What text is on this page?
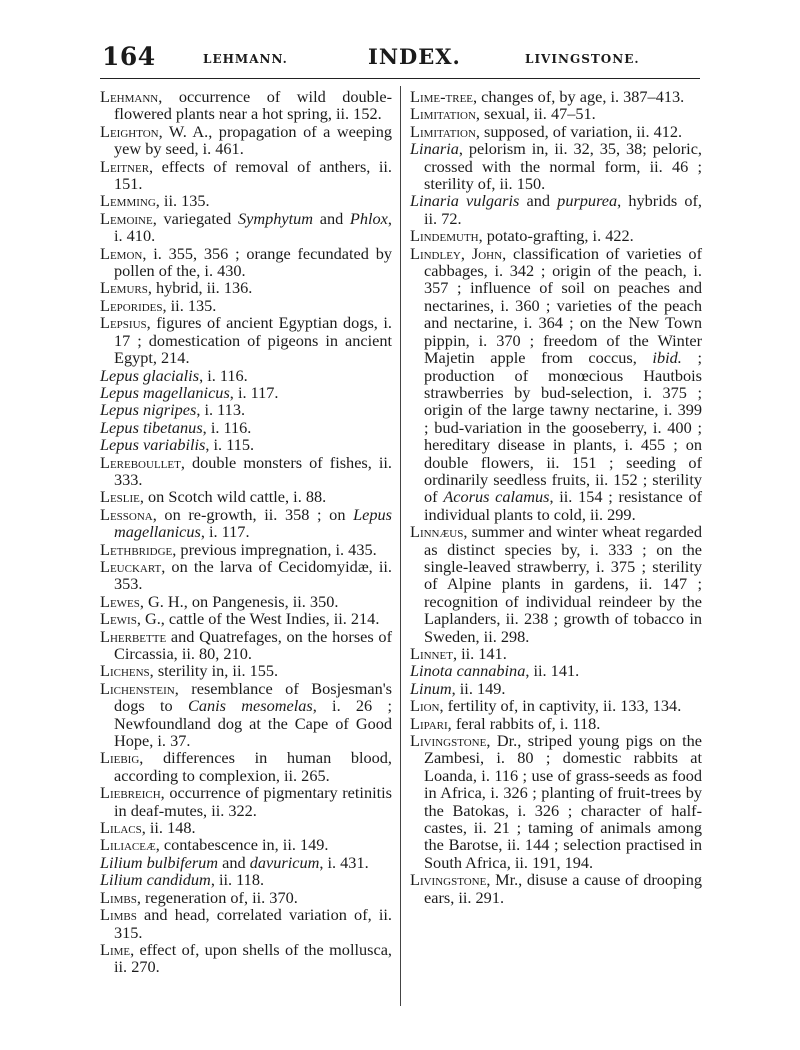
164	LEHMANN.	INDEX.	LIVINGSTONE.

Lehmann, occurrence of wild double-flowered plants near a hot spring, ii. 152.

Leighton, W. A., propagation of a weeping yew by seed, i. 461.

Leitner, effects of removal of anthers, ii. 151.

Lemming, ii. 135.

Lemoine, variegated Symphytum and Phlox, i. 410.

Lemon, i. 355, 356 ; orange fecundated by pollen of the, i. 430.

Lemurs, hybrid, ii. 136.

Leporides, ii. 135.

Lepsius, figures of ancient Egyptian dogs, i. 17 ; domestication of pigeons in ancient Egypt, 214.

Lepus glacialis, i. 116.

Lepus magellanicus, i. 117.

Lepus nigripes, i. 113.

Lepus tibetanus, i. 116.

Lepus variabilis, i. 115.

Lereboullet, double monsters of fishes, ii. 333.

Leslie, on Scotch wild cattle, i. 88.

Lessona, on re-growth, ii. 358 ; on Lepus magellanicus, i. 117.

Lethbridge, previous impregnation, i. 435.

Leuckart, on the larva of Cecidomyidæ, ii. 353.

Lewes, G. H., on Pangenesis, ii. 350.

Lewis, G., cattle of the West Indies, ii. 214.

Lherbette and Quatrefages, on the horses of Circassia, ii. 80, 210.

Lichens, sterility in, ii. 155.

Lichenstein, resemblance of Bosjesman's dogs to Canis mesomelas, i. 26 ; Newfoundland dog at the Cape of Good Hope, i. 37.

Liebig, differences in human blood, according to complexion, ii. 265.

Liebreich, occurrence of pigmentary retinitis in deaf-mutes, ii. 322.

Lilacs, ii. 148.

Liliaceæ, contabescence in, ii. 149.

Lilium bulbiferum and davuricum, i. 431.

Lilium candidum, ii. 118.

Limbs, regeneration of, ii. 370.

Limbs and head, correlated variation of, ii. 315.

Lime, effect of, upon shells of the mollusca, ii. 270.

Lime-tree, changes of, by age, i. 387–413.

Limitation, sexual, ii. 47–51.

Limitation, supposed, of variation, ii. 412.

Linaria, pelorism in, ii. 32, 35, 38; peloric, crossed with the normal form, ii. 46 ; sterility of, ii. 150.

Linaria vulgaris and purpurea, hybrids of, ii. 72.

Lindemuth, potato-grafting, i. 422.

Lindley, John, classification of varieties of cabbages, i. 342 ; origin of the peach, i. 357 ; influence of soil on peaches and nectarines, i. 360 ; varieties of the peach and nectarine, i. 364 ; on the New Town pippin, i. 370 ; freedom of the Winter Majetin apple from coccus, ibid. ; production of monœcious Hautbois strawberries by bud-selection, i. 375 ; origin of the large tawny nectarine, i. 399 ; bud-variation in the gooseberry, i. 400 ; hereditary disease in plants, i. 455 ; on double flowers, ii. 151 ; seeding of ordinarily seedless fruits, ii. 152 ; sterility of Acorus calamus, ii. 154 ; resistance of individual plants to cold, ii. 299.

Linnæus, summer and winter wheat regarded as distinct species by, i. 333 ; on the single-leaved strawberry, i. 375 ; sterility of Alpine plants in gardens, ii. 147 ; recognition of individual reindeer by the Laplanders, ii. 238 ; growth of tobacco in Sweden, ii. 298.

Linnet, ii. 141.

Linota cannabina, ii. 141.

Linum, ii. 149.

Lion, fertility of, in captivity, ii. 133, 134.

Lipari, feral rabbits of, i. 118.

Livingstone, Dr., striped young pigs on the Zambesi, i. 80 ; domestic rabbits at Loanda, i. 116 ; use of grass-seeds as food in Africa, i. 326 ; planting of fruit-trees by the Batokas, i. 326 ; character of half-castes, ii. 21 ; taming of animals among the Barotse, ii. 144 ; selection practised in South Africa, ii. 191, 194.

Livingstone, Mr., disuse a cause of drooping ears, ii. 291.
